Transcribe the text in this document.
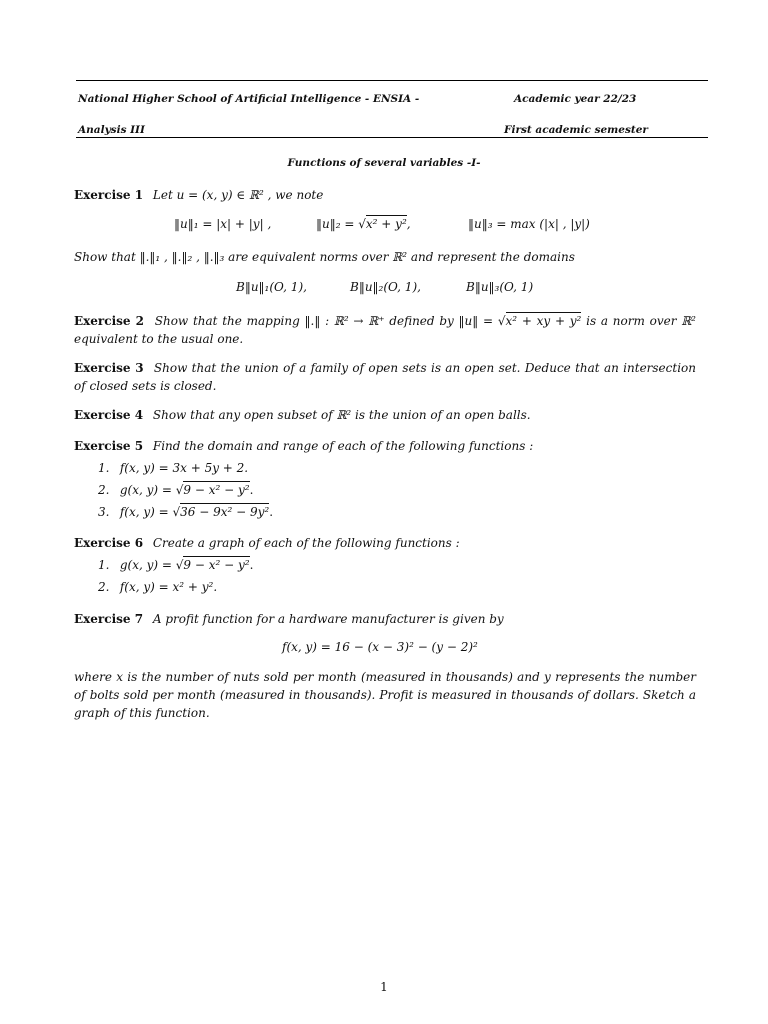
National Higher School of Artificial Intelligence - ENSIA -	Academic year 22/23
Analysis III	First academic semester
Functions of several variables -I-
Exercise 1 Let u = (x, y) ∈ ℝ² , we note
‖u‖₁ = |x| + |y| ,	‖u‖₂ = √x² + y²,	‖u‖₃ = max (|x| , |y|)
Show that ‖.‖₁ , ‖.‖₂ , ‖.‖₃ are equivalent norms over ℝ² and represent the domains
B‖u‖₁(O, 1),	B‖u‖₂(O, 1),	B‖u‖₃(O, 1)
Exercise 2 Show that the mapping ‖.‖ : ℝ² → ℝ⁺ defined by ‖u‖ = √x² + xy + y² is a norm over ℝ² equivalent to the usual one.
Exercise 3 Show that the union of a family of open sets is an open set. Deduce that an intersection of closed sets is closed.
Exercise 4 Show that any open subset of ℝ² is the union of an open balls.
Exercise 5 Find the domain and range of each of the following functions :
1. f(x, y) = 3x + 5y + 2.
2. g(x, y) = √9 − x² − y².
3. f(x, y) = √36 − 9x² − 9y².
Exercise 6 Create a graph of each of the following functions :
1. g(x, y) = √9 − x² − y².
2. f(x, y) = x² + y².
Exercise 7 A profit function for a hardware manufacturer is given by
f(x, y) = 16 − (x − 3)² − (y − 2)²
where x is the number of nuts sold per month (measured in thousands) and y represents the number of bolts sold per month (measured in thousands). Profit is measured in thousands of dollars. Sketch a graph of this function.
1
